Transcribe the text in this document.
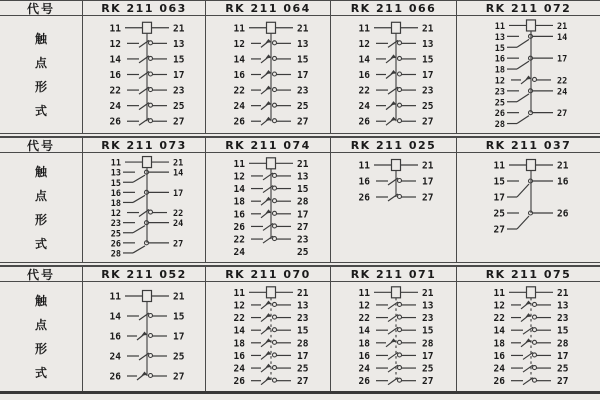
代号	RK 211 063	RK 211 064	RK 211 066	RK 211 072
触
点
形
式
11	21
12	13
14	15
16	17
22	23
24	25
26	27
11	21
12	13
14	15
16	17
22	23
24	25
26	27
11	21
12	13
14	15
16	17
22	23
24	25
26	27
11	21
13	14
15
16	17
18
12	22
23	24
25
26	27
28
代号	RK 211 073	RK 211 074	RK 211 025	RK 211 037
触
点
形
式
11	21
13	14
15
16	17
18
12	22
23	24
25
26	27
28
11	21
12	13
14	15
18	28
16	17
26	27
22	23
24	25
11	21
16	17
26	27
11	21
15	16
17
25	26
27
代号	RK 211 052	RK 211 070	RK 211 071	RK 211 075
触
点
形
式
11	21
14	15
16	17
24	25
26	27
11	21
12	13
22	23
14	15
18	28
16	17
24	25
26	27
11	21
12	13
22	23
14	15
18	28
16	17
24	25
26	27
11	21
12	13
22	23
14	15
18	28
16	17
24	25
26	27
